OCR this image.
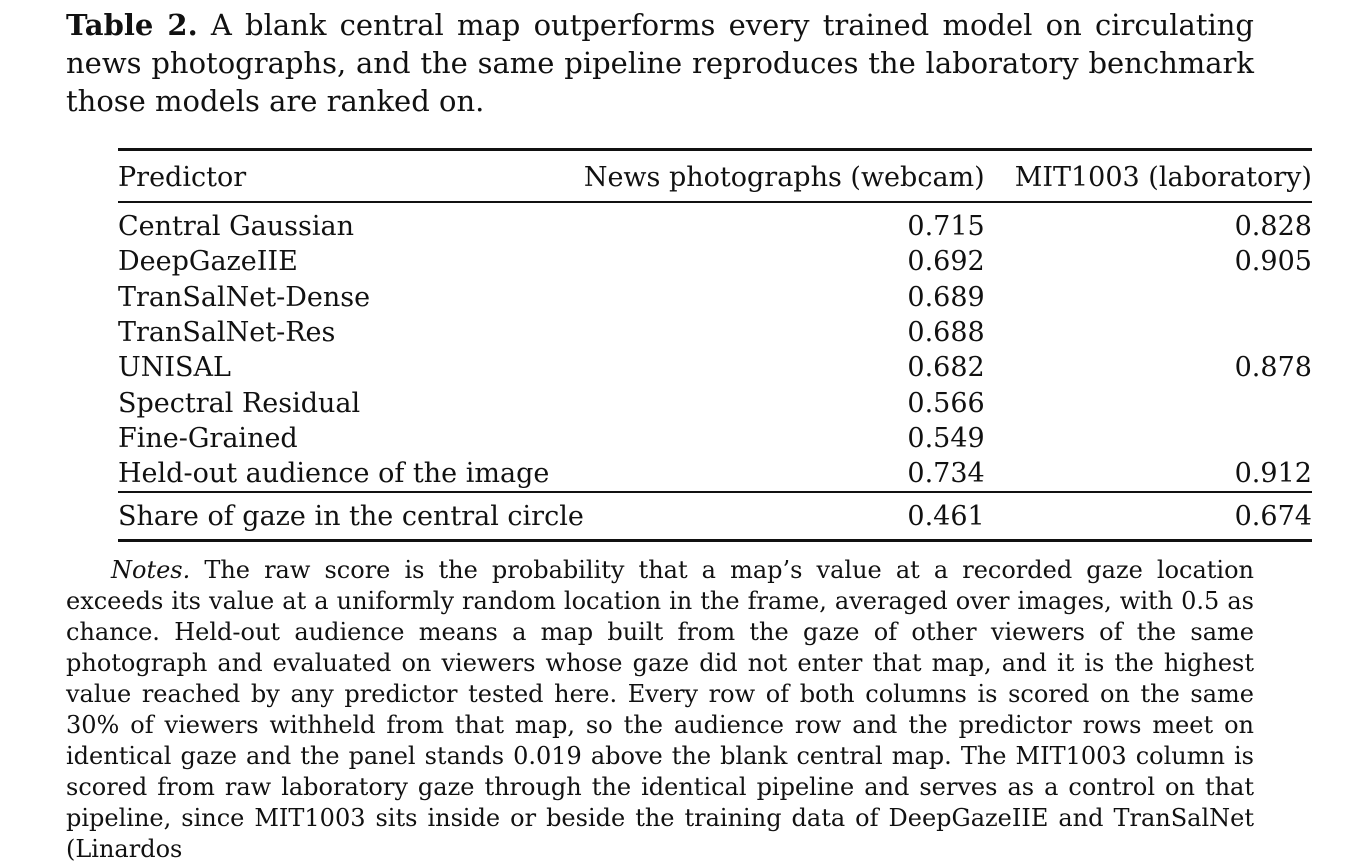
Table 2. A blank central map outperforms every trained model on circulating news photographs, and the same pipeline reproduces the laboratory benchmark those models are ranked on.

Predictor	News photographs (webcam)	MIT1003 (laboratory)
Central Gaussian	0.715	0.828
DeepGazeIIE	0.692	0.905
TranSalNet-Dense	0.689	
TranSalNet-Res	0.688	
UNISAL	0.682	0.878
Spectral Residual	0.566	
Fine-Grained	0.549	
Held-out audience of the image	0.734	0.912
Share of gaze in the central circle	0.461	0.674

Notes. The raw score is the probability that a map’s value at a recorded gaze location exceeds its value at a uniformly random location in the frame, averaged over images, with 0.5 as chance. Held-out audience means a map built from the gaze of other viewers of the same photograph and evaluated on viewers whose gaze did not enter that map, and it is the highest value reached by any predictor tested here. Every row of both columns is scored on the same 30% of viewers withheld from that map, so the audience row and the predictor rows meet on identical gaze and the panel stands 0.019 above the blank central map. The MIT1003 column is scored from raw laboratory gaze through the identical pipeline and serves as a control on that pipeline, since MIT1003 sits inside or beside the training data of DeepGazeIIE and TranSalNet (Linardos
